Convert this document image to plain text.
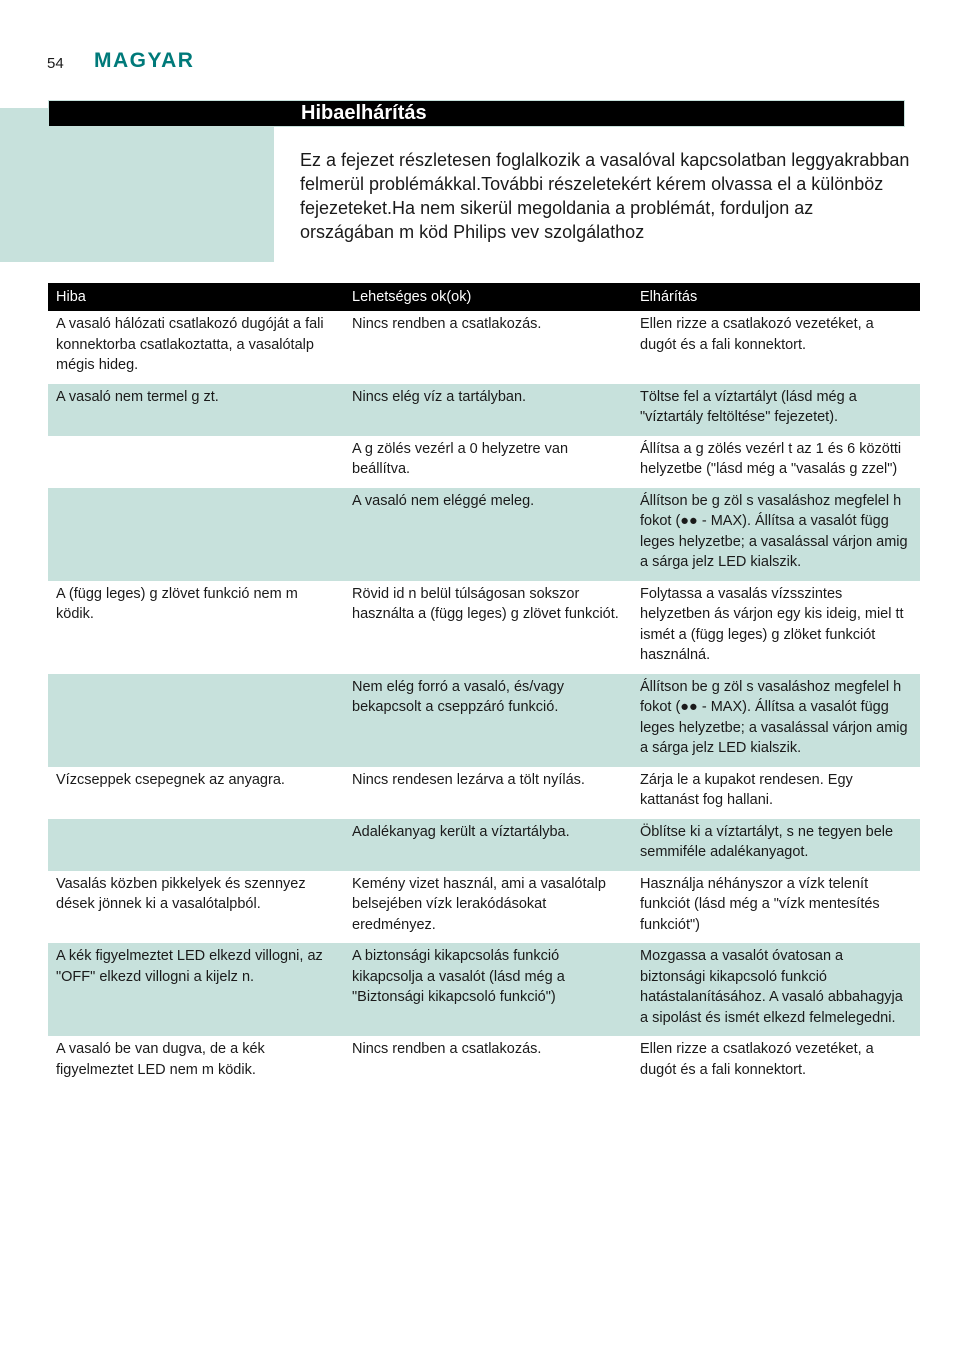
54 MAGYAR
Hibaelhárítás

Ez a fejezet részletesen foglalkozik a vasalóval kapcsolatban leggyakrabban felmerül problémákkal.További részeletekért kérem olvassa el a különböz fejezeteket.Ha nem sikerül megoldania a problémát, forduljon az országában m köd Philips vev szolgálathoz

Hiba	Lehetséges ok(ok)	Elhárítás
A vasaló hálózati csatlakozó dugóját a fali konnektorba csatlakoztatta, a vasalótalp mégis hideg.	Nincs rendben a csatlakozás.	Ellen rizze a csatlakozó vezetéket, a dugót és a fali konnektort.
A vasaló nem termel g zt.	Nincs elég víz a tartályban.	Töltse fel a víztartályt (lásd még a "víztartály feltöltése" fejezetet).
	A g zölés vezérl a 0 helyzetre van beállítva.	Állítsa a g zölés vezérl t az 1 és 6 közötti helyzetbe ("lásd még a "vasalás g zzel")
	A vasaló nem eléggé meleg.	Állítson be g zöl s vasaláshoz megfelel h fokot (●● - MAX). Állítsa a vasalót függ leges helyzetbe; a vasalással várjon amig a sárga jelz LED kialszik.
A (függ leges) g zlövet funkció nem m ködik.	Rövid id n belül túlságosan sokszor használta a (függ leges) g zlövet funkciót.	Folytassa a vasalás vízsszintes helyzetben ás várjon egy kis ideig, miel tt ismét a (függ leges) g zlöket funkciót használná.
	Nem elég forró a vasaló, és/vagy bekapcsolt a cseppzáró funkció.	Állítson be g zöl s vasaláshoz megfelel h fokot (●● - MAX). Állítsa a vasalót függ leges helyzetbe; a vasalással várjon amig a sárga jelz LED kialszik.
Vízcseppek csepegnek az anyagra.	Nincs rendesen lezárva a tölt nyílás.	Zárja le a kupakot rendesen. Egy kattanást fog hallani.
	Adalékanyag került a víztartályba.	Öblítse ki a víztartályt, s ne tegyen bele semmiféle adalékanyagot.
Vasalás közben pikkelyek és szennyez dések jönnek ki a vasalótalpból.	Kemény vizet használ, ami a vasalótalp belsejében vízk lerakódásokat eredményez.	Használja néhányszor a vízk telenít funkciót (lásd még a "vízk mentesítés funkciót")
A kék figyelmeztet LED elkezd villogni, az "OFF" elkezd villogni a kijelz n.	A biztonsági kikapcsolás funkció kikapcsolja a vasalót (lásd még a "Biztonsági kikapcsoló funkció")	Mozgassa a vasalót óvatosan a biztonsági kikapcsoló funkció hatástalanításához. A vasaló abbahagyja a sipolást és ismét elkezd felmelegedni.
A vasaló be van dugva, de a kék figyelmeztet LED nem m ködik.	Nincs rendben a csatlakozás.	Ellen rizze a csatlakozó vezetéket, a dugót és a fali konnektort.
